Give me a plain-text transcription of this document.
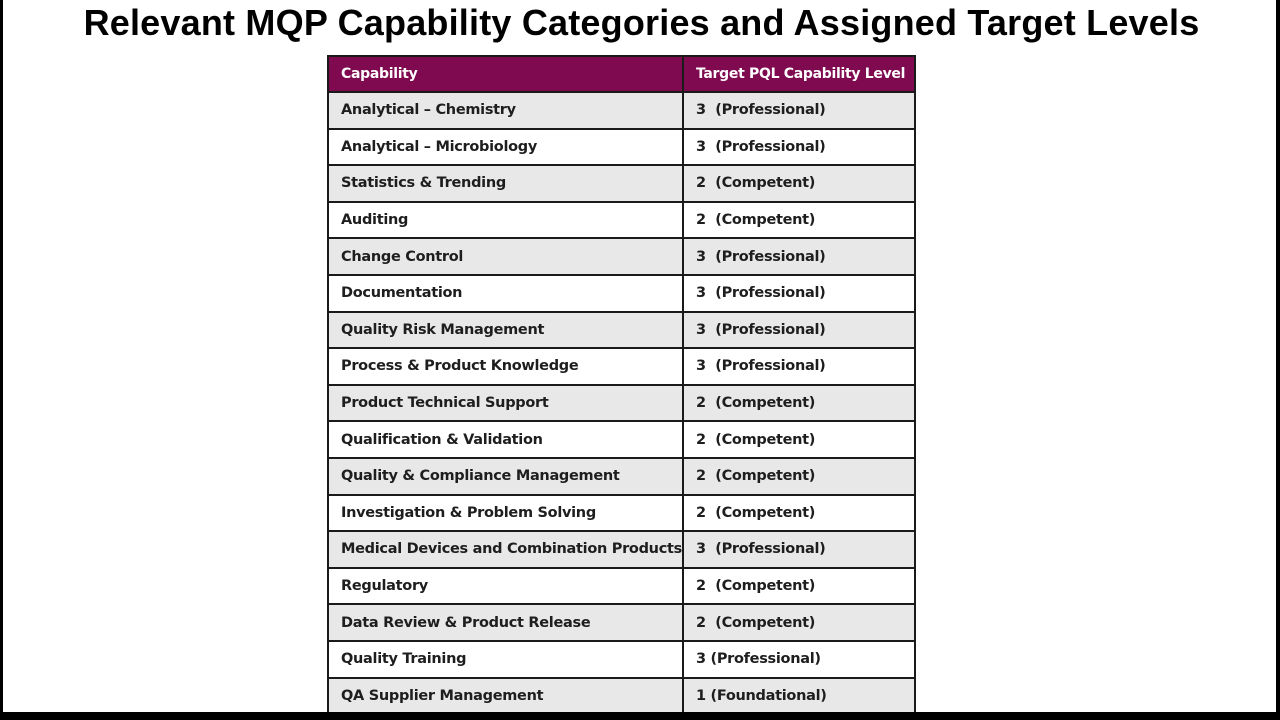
Relevant MQP Capability Categories and Assigned Target Levels
Capability	Target PQL Capability Level
Analytical – Chemistry	3  (Professional)
Analytical – Microbiology	3  (Professional)
Statistics & Trending	2  (Competent)
Auditing	2  (Competent)
Change Control	3  (Professional)
Documentation	3  (Professional)
Quality Risk Management	3  (Professional)
Process & Product Knowledge	3  (Professional)
Product Technical Support	2  (Competent)
Qualification & Validation	2  (Competent)
Quality & Compliance Management	2  (Competent)
Investigation & Problem Solving	2  (Competent)
Medical Devices and Combination Products	3  (Professional)
Regulatory	2  (Competent)
Data Review & Product Release	2  (Competent)
Quality Training	3 (Professional)
QA Supplier Management	1 (Foundational)
